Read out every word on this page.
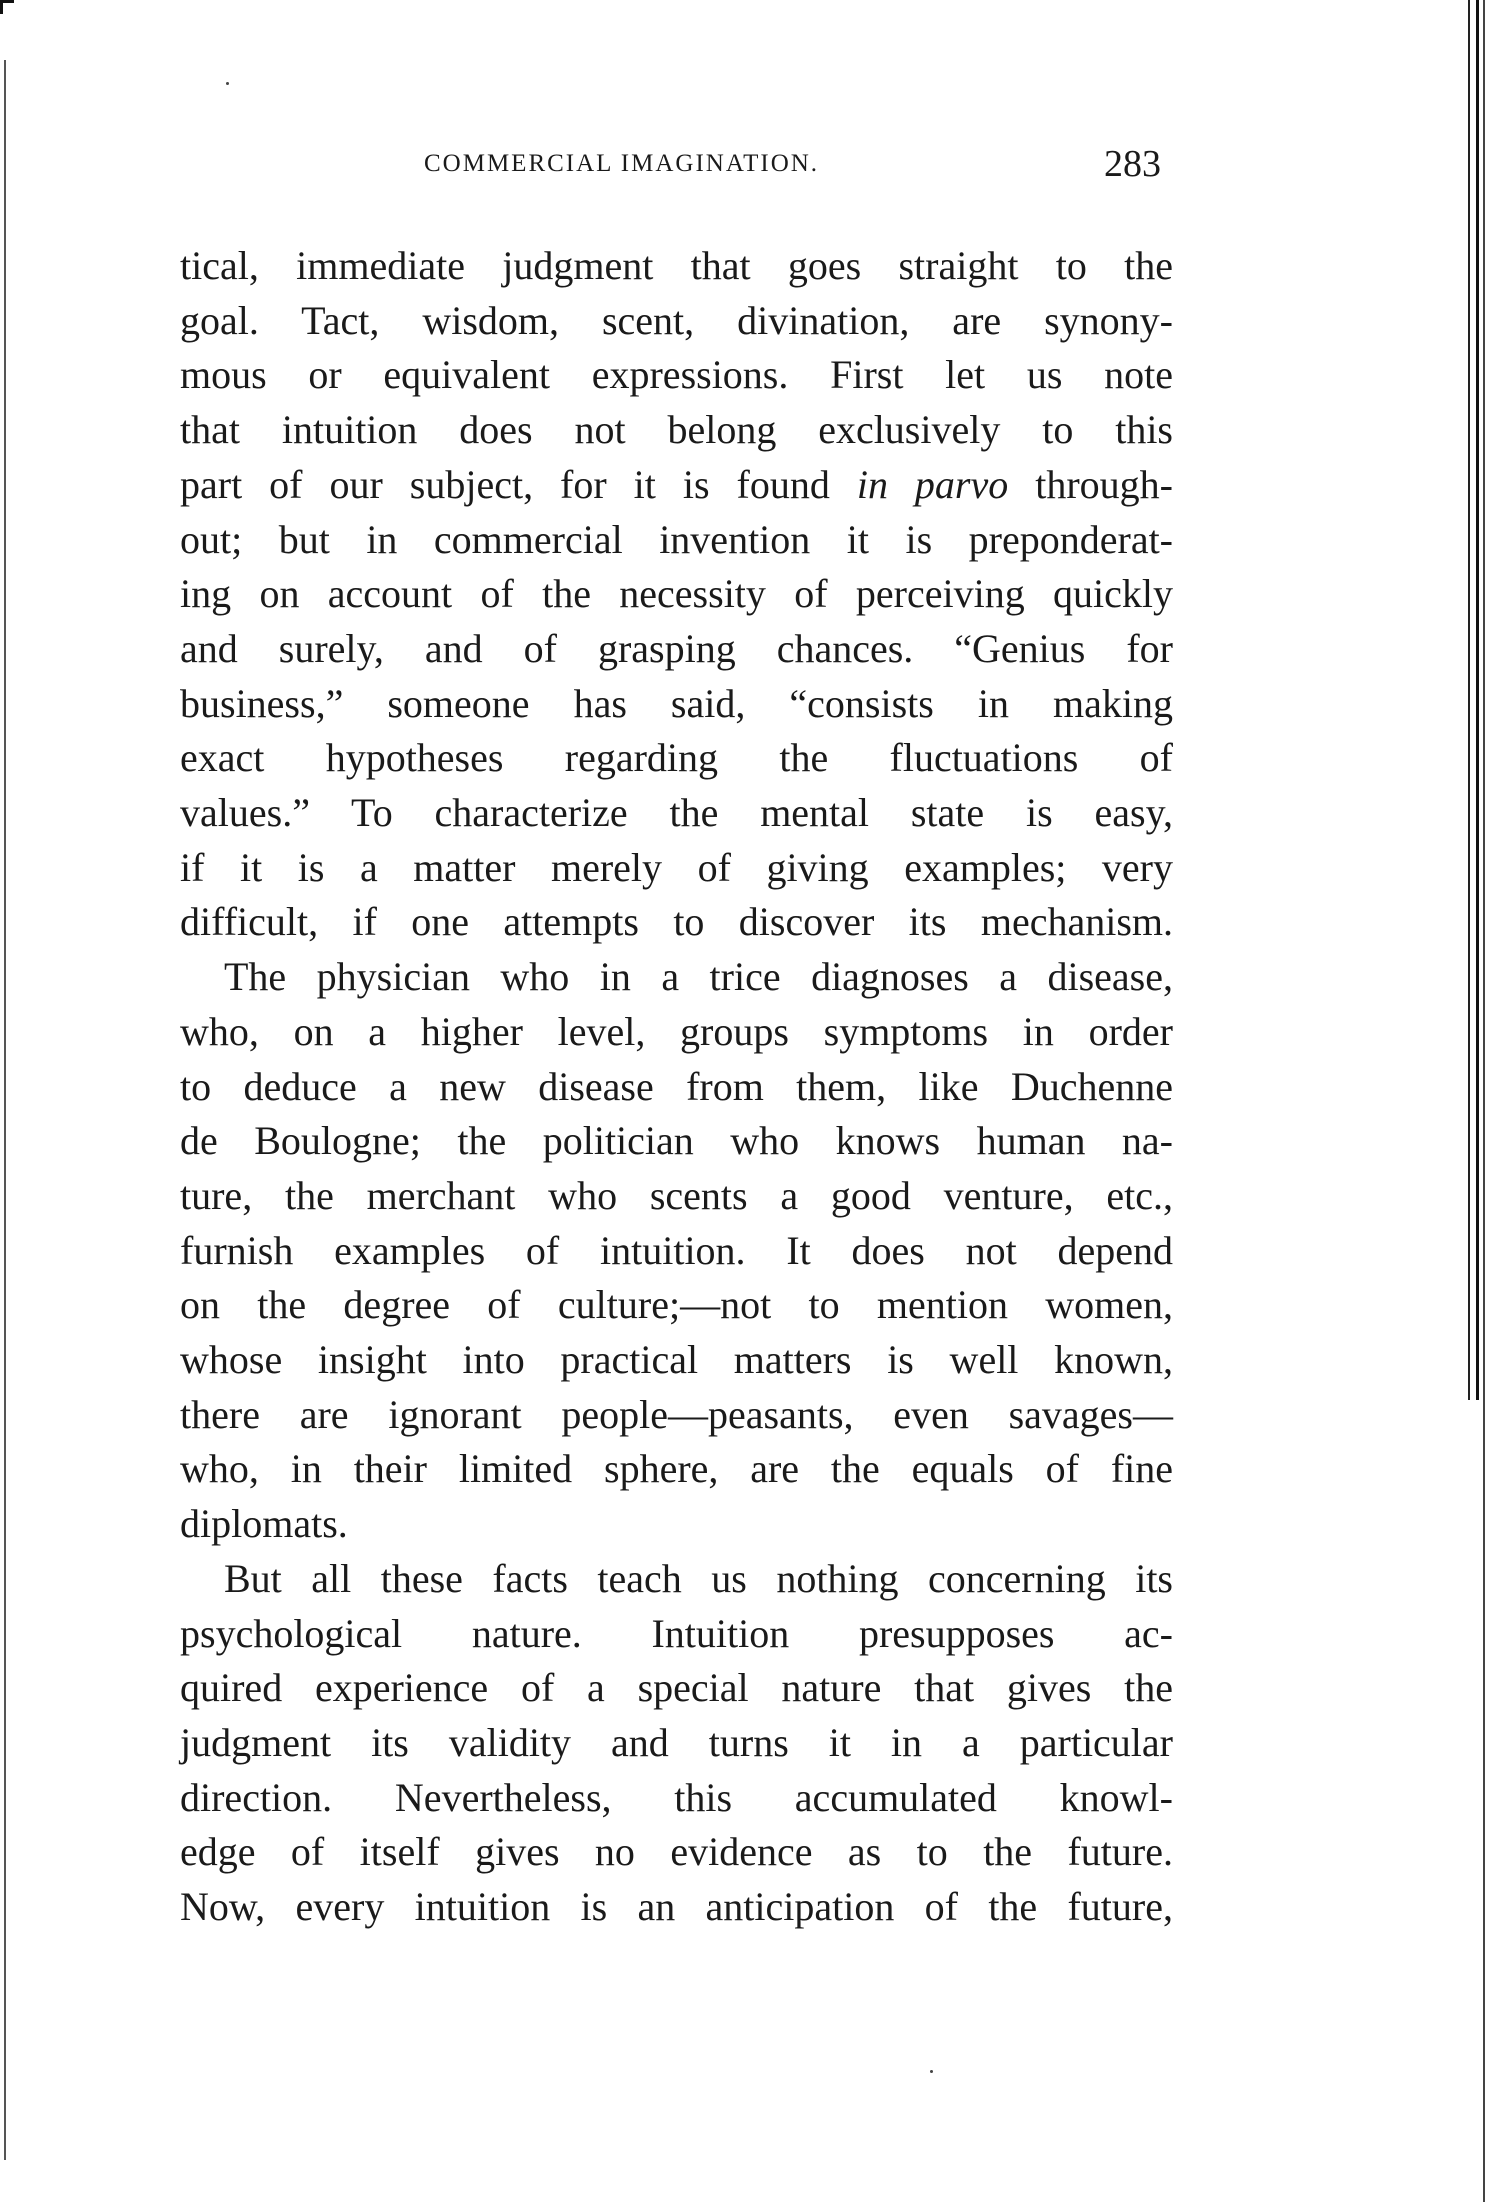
COMMERCIAL IMAGINATION.	283
tical, immediate judgment that goes straight to the
goal. Tact, wisdom, scent, divination, are synony-
mous or equivalent expressions. First let us note
that intuition does not belong exclusively to this
part of our subject, for it is found in parvo through-
out; but in commercial invention it is preponderat-
ing on account of the necessity of perceiving quickly
and surely, and of grasping chances. “Genius for
business,” someone has said, “consists in making
exact hypotheses regarding the fluctuations of
values.” To characterize the mental state is easy,
if it is a matter merely of giving examples; very
difficult, if one attempts to discover its mechanism.
The physician who in a trice diagnoses a disease,
who, on a higher level, groups symptoms in order
to deduce a new disease from them, like Duchenne
de Boulogne; the politician who knows human na-
ture, the merchant who scents a good venture, etc.,
furnish examples of intuition. It does not depend
on the degree of culture;—not to mention women,
whose insight into practical matters is well known,
there are ignorant people—peasants, even savages—
who, in their limited sphere, are the equals of fine
diplomats.
But all these facts teach us nothing concerning its
psychological nature. Intuition presupposes ac-
quired experience of a special nature that gives the
judgment its validity and turns it in a particular
direction. Nevertheless, this accumulated knowl-
edge of itself gives no evidence as to the future.
Now, every intuition is an anticipation of the future,
